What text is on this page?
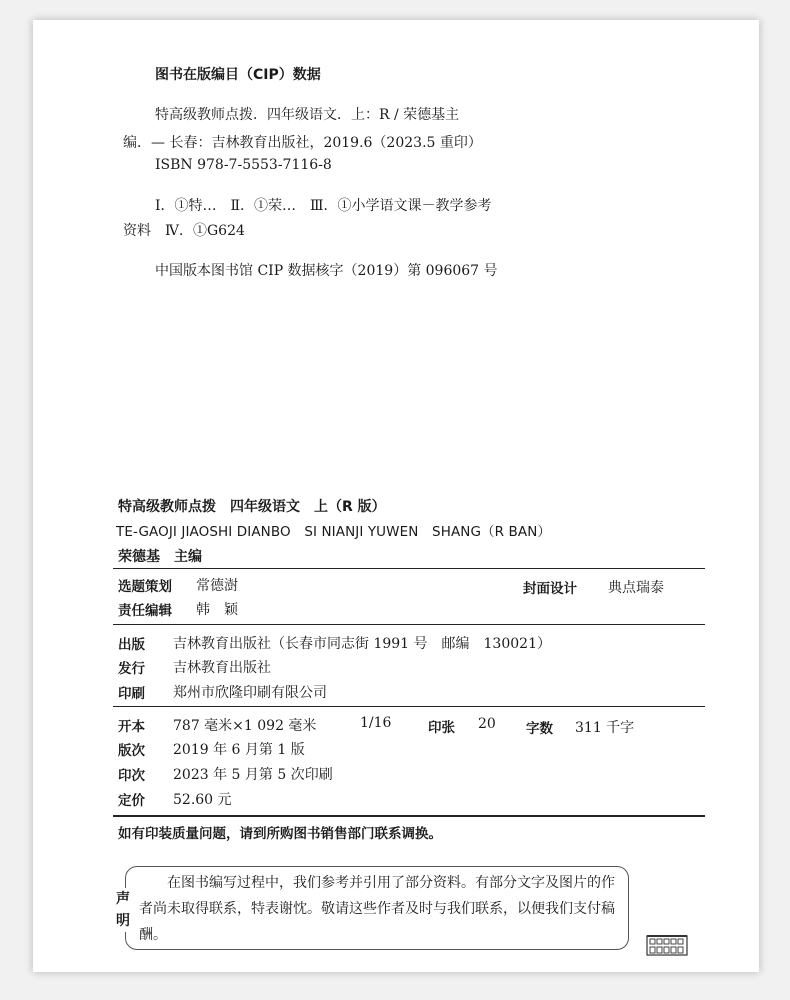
图书在版编目（CIP）数据
特高级教师点拨．四年级语文．上：R / 荣德基主
编．— 长春：吉林教育出版社，2019.6（2023.5 重印）
ISBN 978-7-5553-7116-8
Ⅰ．①特…　Ⅱ．①荣…　Ⅲ．①小学语文课－教学参考
资料　Ⅳ．①G624
中国版本图书馆 CIP 数据核字（2019）第 096067 号
特高级教师点拨　四年级语文　上（R 版）
TE-GAOJI JIAOSHI DIANBO　SI NIANJI YUWEN　SHANG（R BAN）
荣德基　主编
选题策划 常德澍	封面设计 典点瑞泰
责任编辑 韩　颖
出版 吉林教育出版社（长春市同志街 1991 号　邮编　130021）
发行 吉林教育出版社
印刷 郑州市欣隆印刷有限公司
开本 787 毫米×1 092 毫米	1/16	印张 20 字数 311 千字
版次 2019 年 6 月第 1 版
印次 2023 年 5 月第 5 次印刷
定价 52.60 元
如有印装质量问题，请到所购图书销售部门联系调换。
声明
在图书编写过程中，我们参考并引用了部分资料。有部分文字及图片的作者尚未取得联系，特表谢忱。敬请这些作者及时与我们联系，以便我们支付稿酬。
